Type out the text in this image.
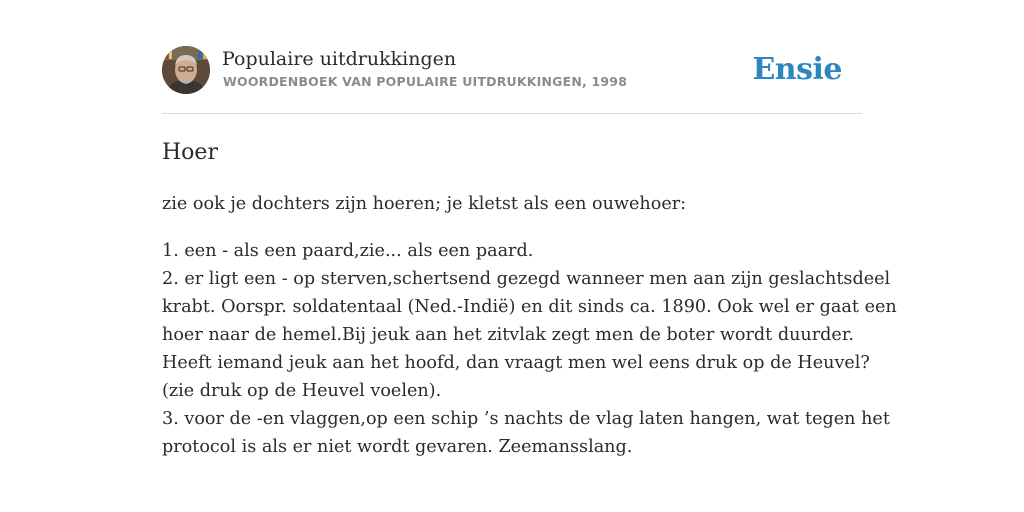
Populaire uitdrukkingen
WOORDENBOEK VAN POPULAIRE UITDRUKKINGEN, 1998	Ensie
Hoer

zie ook je dochters zijn hoeren; je kletst als een ouwehoer:

1. een - als een paard,zie... als een paard.

2. er ligt een - op sterven,schertsend gezegd wanneer men aan zijn geslachtsdeel

krabt. Oorspr. soldatentaal (Ned.-Indië) en dit sinds ca. 1890. Ook wel er gaat een

hoer naar de hemel.Bij jeuk aan het zitvlak zegt men de boter wordt duurder.

Heeft iemand jeuk aan het hoofd, dan vraagt men wel eens druk op de Heuvel?

(zie druk op de Heuvel voelen).

3. voor de -en vlaggen,op een schip ’s nachts de vlag laten hangen, wat tegen het

protocol is als er niet wordt gevaren. Zeemansslang.
